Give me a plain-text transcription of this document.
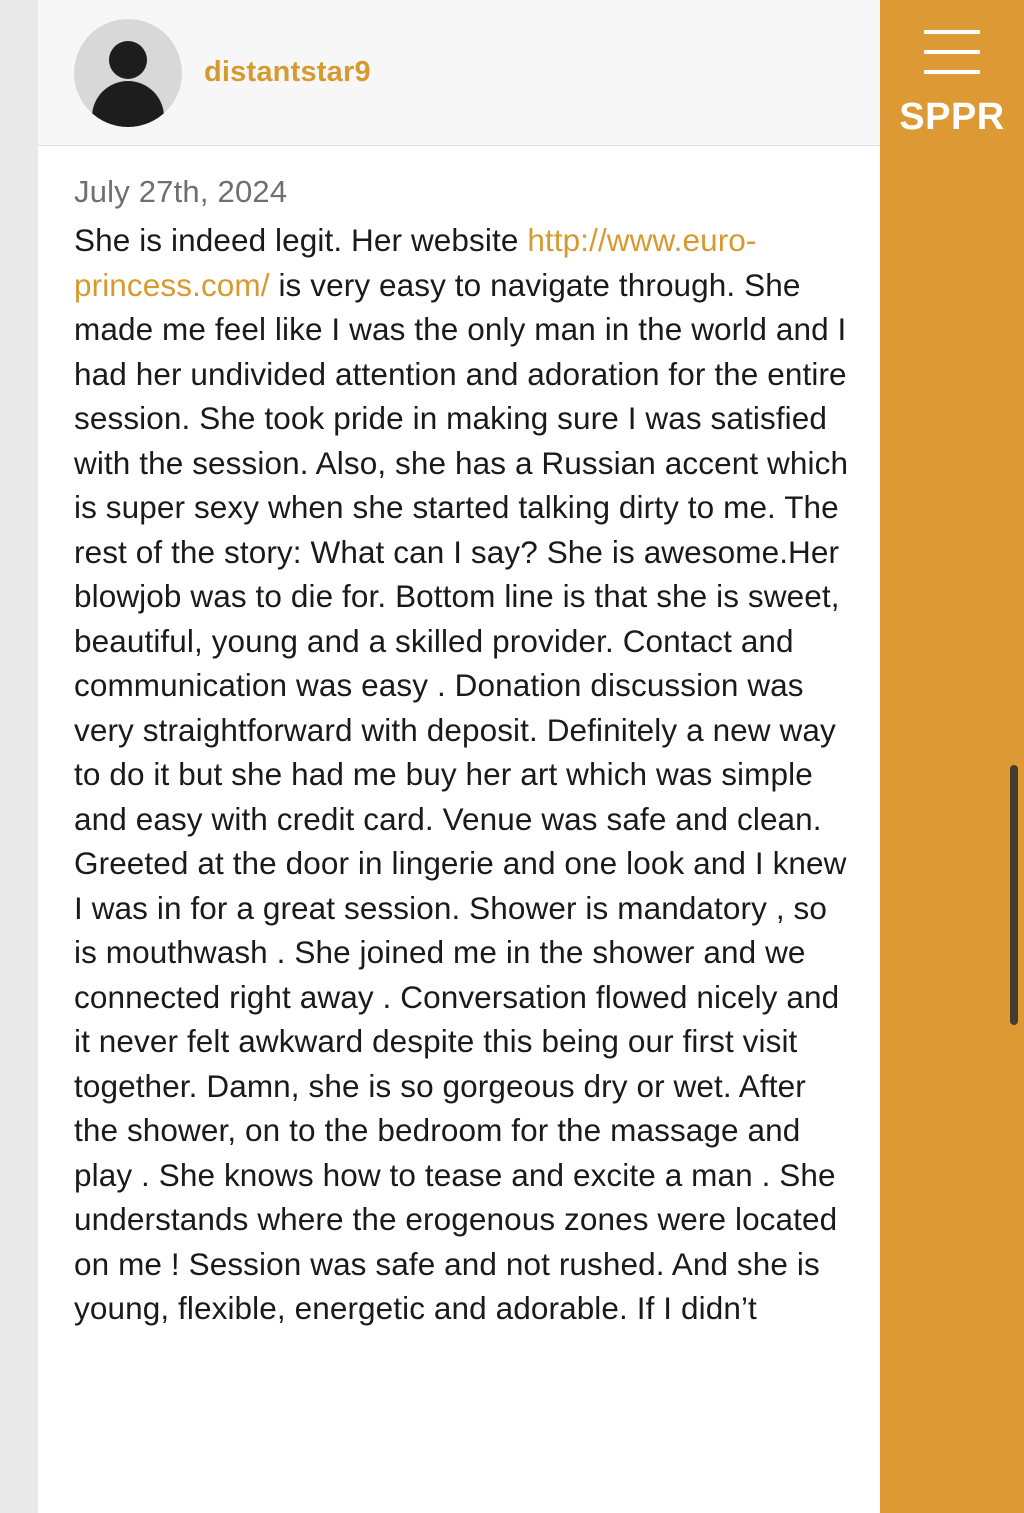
distantstar9
July 27th, 2024

She is indeed legit. Her website http://www.euro-princess.com/ is very easy to navigate through. She made me feel like I was the only man in the world and I had her undivided attention and adoration for the entire session. She took pride in making sure I was satisfied with the session. Also, she has a Russian accent which is super sexy when she started talking dirty to me. The rest of the story: What can I say? She is awesome.Her blowjob was to die for. Bottom line is that she is sweet, beautiful, young and a skilled provider. Contact and communication was easy . Donation discussion was very straightforward with deposit. Definitely a new way to do it but she had me buy her art which was simple and easy with credit card. Venue was safe and clean. Greeted at the door in lingerie and one look and I knew I was in for a great session. Shower is mandatory , so is mouthwash . She joined me in the shower and we connected right away . Conversation flowed nicely and it never felt awkward despite this being our first visit together. Damn, she is so gorgeous dry or wet. After the shower, on to the bedroom for the massage and play . She knows how to tease and excite a man . She understands where the erogenous zones were located on me ! Session was safe and not rushed. And she is young, flexible, energetic and adorable. If I didn’t

SPPR
